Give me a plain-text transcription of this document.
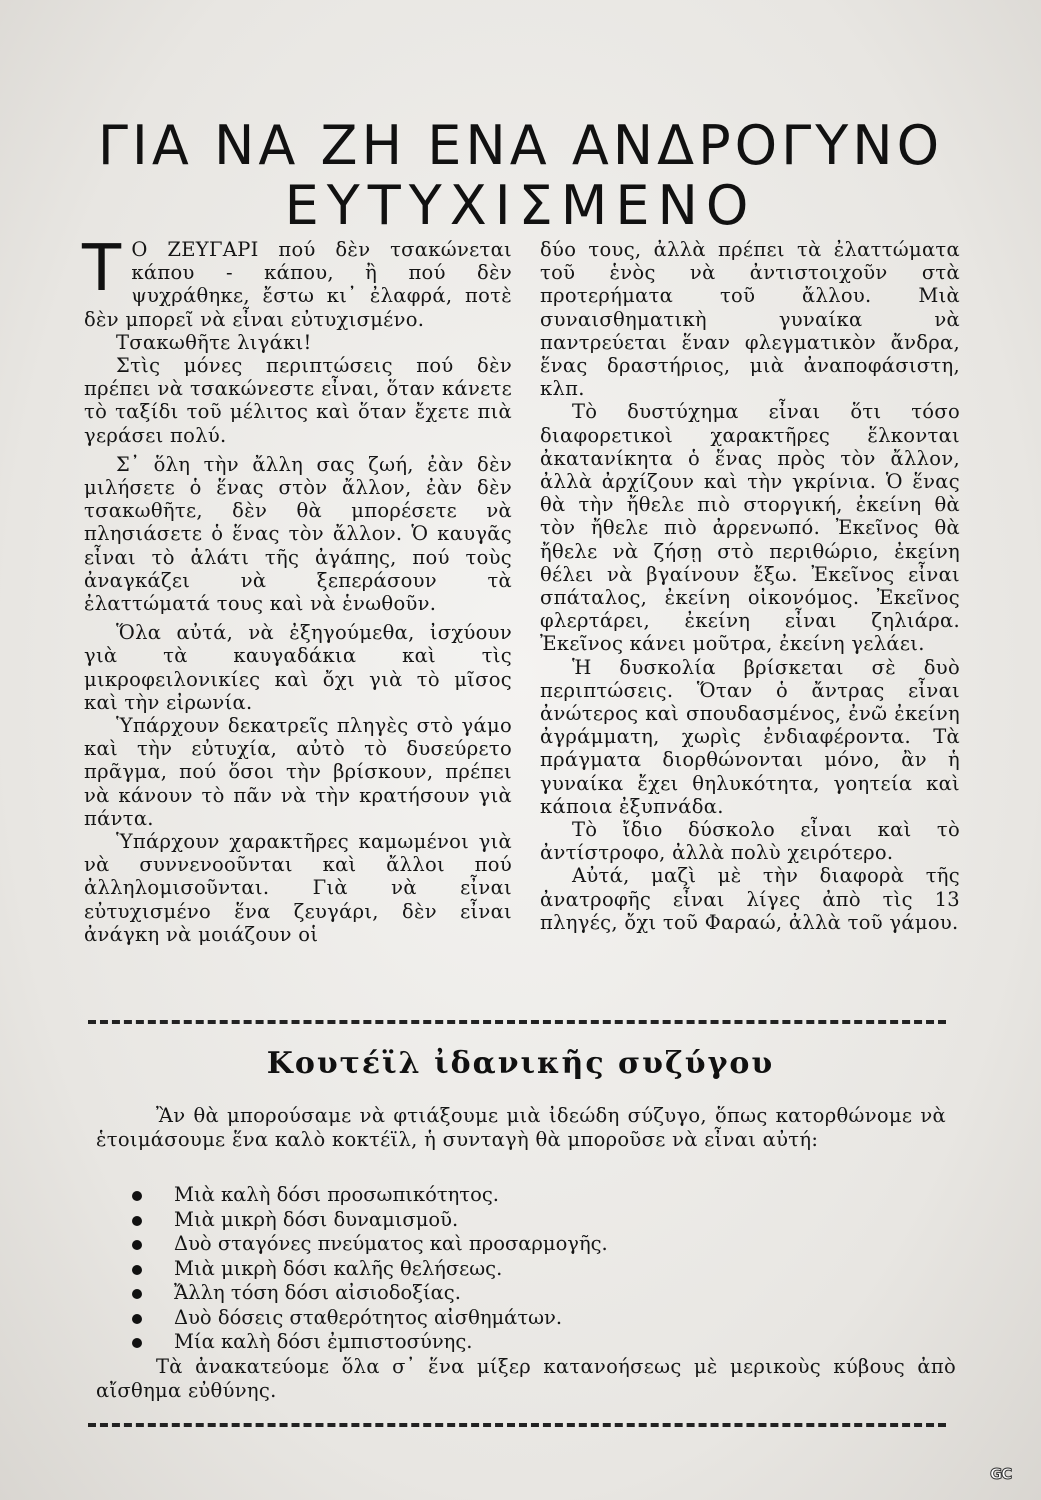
ΓΙΑ ΝΑ ΖΗ ΕΝΑ ΑΝΔΡΟΓΥΝΟ
ΕΥΤΥΧΙΣΜΕΝΟ

Τ Ο ΖΕΥΓΑΡΙ πού δὲν τσακώνεται κάπου - κάπου, ἢ πού δὲν ψυχράθηκε, ἔστω κι᾿ ἐλαφρά, ποτὲ δὲν μπορεῖ νὰ εἶναι εὐτυχισμένο.

Τσακωθῆτε λιγάκι!

Στὶς μόνες περιπτώσεις πού δὲν πρέπει νὰ τσακώνεστε εἶναι, ὅταν κάνετε τὸ ταξίδι τοῦ μέλιτος καὶ ὅταν ἔχετε πιὰ γεράσει πολύ.

Σ᾿ ὅλη τὴν ἄλλη σας ζωή, ἐὰν δὲν μιλήσετε ὁ ἕνας στὸν ἄλλον, ἐὰν δὲν τσακωθῆτε, δὲν θὰ μπορέσετε νὰ πλησιάσετε ὁ ἕνας τὸν ἄλλον. Ὁ καυγᾶς εἶναι τὸ ἁλάτι τῆς ἀγάπης, πού τοὺς ἀναγκάζει νὰ ξεπεράσουν τὰ ἐλαττώματά τους καὶ νὰ ἑνωθοῦν.

Ὅλα αὐτά, νὰ ἐξηγούμεθα, ἰσχύουν γιὰ τὰ καυγαδάκια καὶ τὶς μικροφειλονικίες καὶ ὄχι γιὰ τὸ μῖσος καὶ τὴν εἰρωνία.

Ὑπάρχουν δεκατρεῖς πληγὲς στὸ γάμο καὶ τὴν εὐτυχία, αὐτὸ τὸ δυσεύρετο πρᾶγμα, πού ὅσοι τὴν βρίσκουν, πρέπει νὰ κάνουν τὸ πᾶν νὰ τὴν κρατήσουν γιὰ πάντα.

Ὑπάρχουν χαρακτῆρες καμωμένοι γιὰ νὰ συννενοοῦνται καὶ ἄλλοι πού ἀλληλομισοῦνται. Γιὰ νὰ εἶναι εὐτυχισμένο ἕνα ζευγάρι, δὲν εἶναι ἀνάγκη νὰ μοιάζουν οἱ

δύο τους, ἀλλὰ πρέπει τὰ ἐλαττώματα τοῦ ἑνὸς νὰ ἀντιστοιχοῦν στὰ προτερήματα τοῦ ἄλλου. Μιὰ συναισθηματικὴ γυναίκα νὰ παντρεύεται ἕναν φλεγματικὸν ἄνδρα, ἕνας δραστήριος, μιὰ ἀναποφάσιστη, κλπ.

Τὸ δυστύχημα εἶναι ὅτι τόσο διαφορετικοὶ χαρακτῆρες ἕλκονται ἀκατανίκητα ὁ ἕνας πρὸς τὸν ἄλλον, ἀλλὰ ἀρχίζουν καὶ τὴν γκρίνια. Ὁ ἕνας θὰ τὴν ἤθελε πιὸ στοργική, ἐκείνη θὰ τὸν ἤθελε πιὸ ἀρρενωπό. Ἐκεῖνος θὰ ἤθελε νὰ ζήσῃ στὸ περιθώριο, ἐκείνη θέλει νὰ βγαίνουν ἔξω. Ἐκεῖνος εἶναι σπάταλος, ἐκείνη οἰκονόμος. Ἐκεῖνος φλερτάρει, ἐκείνη εἶναι ζηλιάρα. Ἐκεῖνος κάνει μοῦτρα, ἐκείνη γελάει.

Ἡ δυσκολία βρίσκεται σὲ δυὸ περιπτώσεις. Ὅταν ὁ ἄντρας εἶναι ἀνώτερος καὶ σπουδασμένος, ἐνῶ ἐκείνη ἀγράμματη, χωρὶς ἐνδιαφέροντα. Τὰ πράγματα διορθώνονται μόνο, ἂν ἡ γυναίκα ἔχει θηλυκότητα, γοητεία καὶ κάποια ἐξυπνάδα.

Τὸ ἴδιο δύσκολο εἶναι καὶ τὸ ἀντίστροφο, ἀλλὰ πολὺ χειρότερο.

Αὐτά, μαζὶ μὲ τὴν διαφορὰ τῆς ἀνατροφῆς εἶναι λίγες ἀπὸ τὶς 13 πληγές, ὄχι τοῦ Φαραώ, ἀλλὰ τοῦ γάμου.

Κουτέϊλ ἰδανικῆς συζύγου
Ἂν θὰ μπορούσαμε νὰ φτιάξουμε μιὰ ἰδεώδη σύζυγο, ὅπως κατορθώνομε νὰ ἑτοιμάσουμε ἕνα καλὸ κοκτέϊλ, ἡ συνταγὴ θὰ μποροῦσε νὰ εἶναι αὐτή:
Μιὰ καλὴ δόσι προσωπικότητος.
Μιὰ μικρὴ δόσι δυναμισμοῦ.
Δυὸ σταγόνες πνεύματος καὶ προσαρμογῆς.
Μιὰ μικρὴ δόσι καλῆς θελήσεως.
Ἄλλη τόση δόσι αἰσιοδοξίας.
Δυὸ δόσεις σταθερότητος αἰσθημάτων.
Μία καλὴ δόσι ἐμπιστοσύνης.
Τὰ ἀνακατεύομε ὅλα σ᾿ ἕνα μίξερ κατανοήσεως μὲ μερικοὺς κύβους ἀπὸ αἴσθημα εὐθύνης.
GC
